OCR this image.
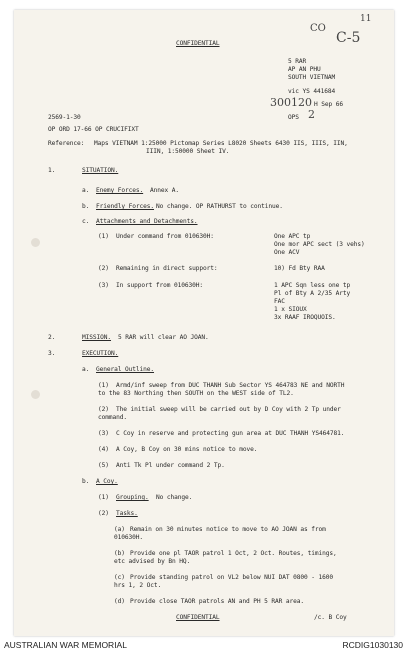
CO
11
C-5
CONFIDENTIAL
5 RAR
AP AN PHU
SOUTH VIETNAM
vic YS 441684
300120 H Sep 66
OPS 2
2569-1-30
OP ORD 17-66 OP CRUCIFIXT
Reference: Maps VIETNAM 1:25000 Pictomap Series L8020 Sheets 6430 IIS, IIIS, IIN,
IIIN, 1:50000 Sheet IV.
1.	SITUATION.
a. Enemy Forces. Annex A.
b. Friendly Forces. No change. OP RATHURST to continue.
c. Attachments and Detachments.
(1) Under command from 010630H:	One APC tp
One mor APC sect (3 vehs)
One ACV
(2) Remaining in direct support:	10) Fd Bty RAA
(3) In support from 010630H:	1 APC Sqn less one tp
Pl of Bty A 2/35 Arty
FAC
1 x SIOUX
3x RAAF IROQUOIS.
2.	MISSION. 5 RAR will clear AO JOAN.
3.	EXECUTION.
a. General Outline.
(1) Armd/inf sweep from DUC THANH Sub Sector YS 464783 NE and NORTH
to the 83 Northing then SOUTH on the WEST side of TL2.
(2) The initial sweep will be carried out by D Coy with 2 Tp under
command.
(3) C Coy in reserve and protecting gun area at DUC THANH YS464781.
(4) A Coy, B Coy on 30 mins notice to move.
(5) Anti Tk Pl under command 2 Tp.
b. A Coy.
(1) Grouping. No change.
(2) Tasks.
(a) Remain on 30 minutes notice to move to AO JOAN as from
010630H.
(b) Provide one pl TAOR patrol 1 Oct, 2 Oct. Routes, timings,
etc advised by Bn HQ.
(c) Provide standing patrol on VL2 below NUI DAT 0800 - 1600
hrs 1, 2 Oct.
(d) Provide close TAOR patrols AN and PH 5 RAR area.
CONFIDENTIAL	/c. B Coy
AUSTRALIAN WAR MEMORIAL	RCDIG1030130
